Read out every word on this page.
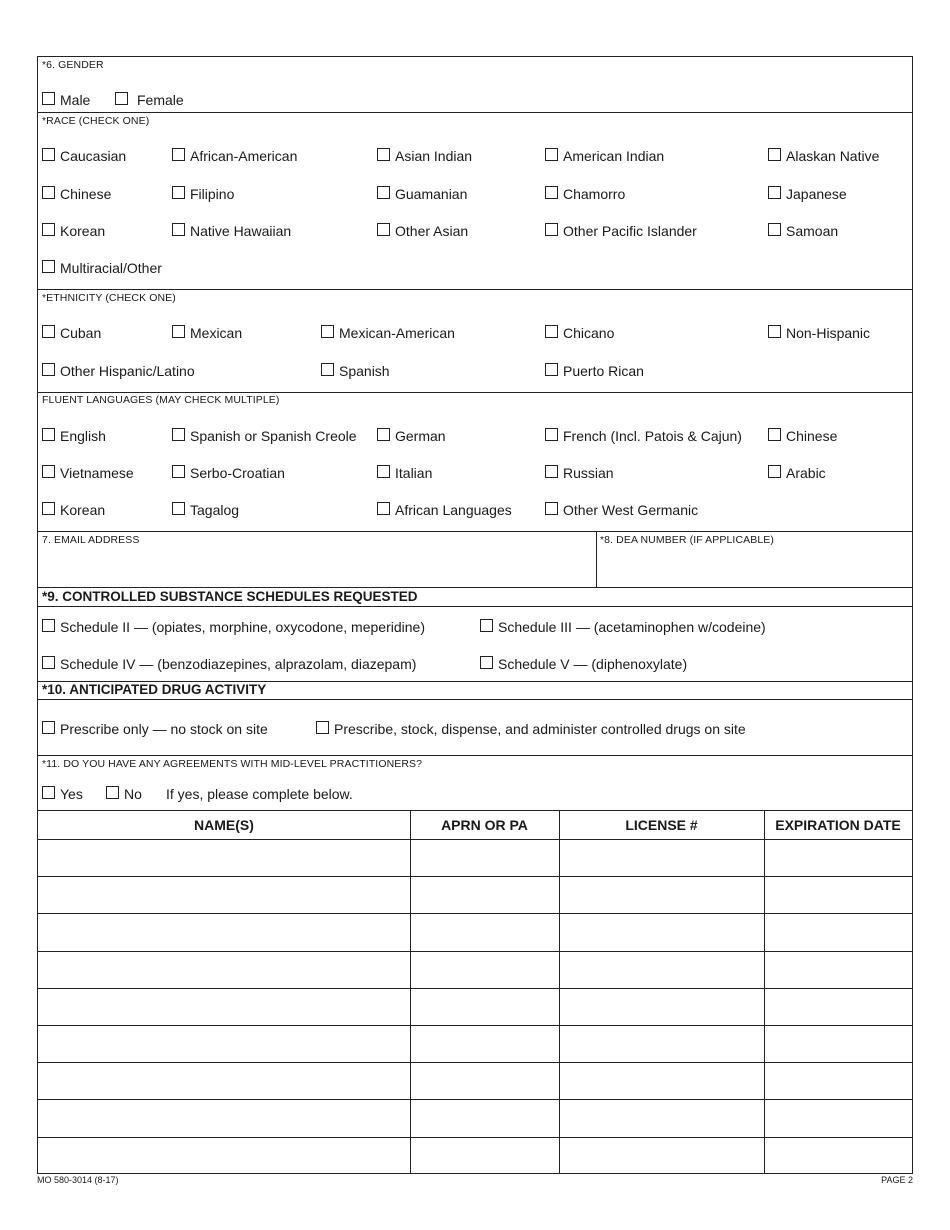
*6. GENDER
Male	Female
*RACE (CHECK ONE)
Caucasian	African-American	Asian Indian	American Indian	Alaskan Native
Chinese	Filipino	Guamanian	Chamorro	Japanese
Korean	Native Hawaiian	Other Asian	Other Pacific Islander	Samoan
Multiracial/Other
*ETHNICITY (CHECK ONE)
Cuban	Mexican	Mexican-American	Chicano	Non-Hispanic
Other Hispanic/Latino	Spanish	Puerto Rican
FLUENT LANGUAGES (MAY CHECK MULTIPLE)
English	Spanish or Spanish Creole	German	French (Incl. Patois & Cajun)	Chinese
Vietnamese	Serbo-Croatian	Italian	Russian	Arabic
Korean	Tagalog	African Languages	Other West Germanic
7. EMAIL ADDRESS	*8. DEA NUMBER (IF APPLICABLE)
*9. CONTROLLED SUBSTANCE SCHEDULES REQUESTED
Schedule II — (opiates, morphine, oxycodone, meperidine)	Schedule III — (acetaminophen w/codeine)
Schedule IV — (benzodiazepines, alprazolam, diazepam)	Schedule V — (diphenoxylate)
*10. ANTICIPATED DRUG ACTIVITY
Prescribe only — no stock on site	Prescribe, stock, dispense, and administer controlled drugs on site
*11. DO YOU HAVE ANY AGREEMENTS WITH MID-LEVEL PRACTITIONERS?
Yes	No If yes, please complete below.
NAME(S)	APRN OR PA	LICENSE #	EXPIRATION DATE
MO 580-3014 (8-17)	PAGE 2
